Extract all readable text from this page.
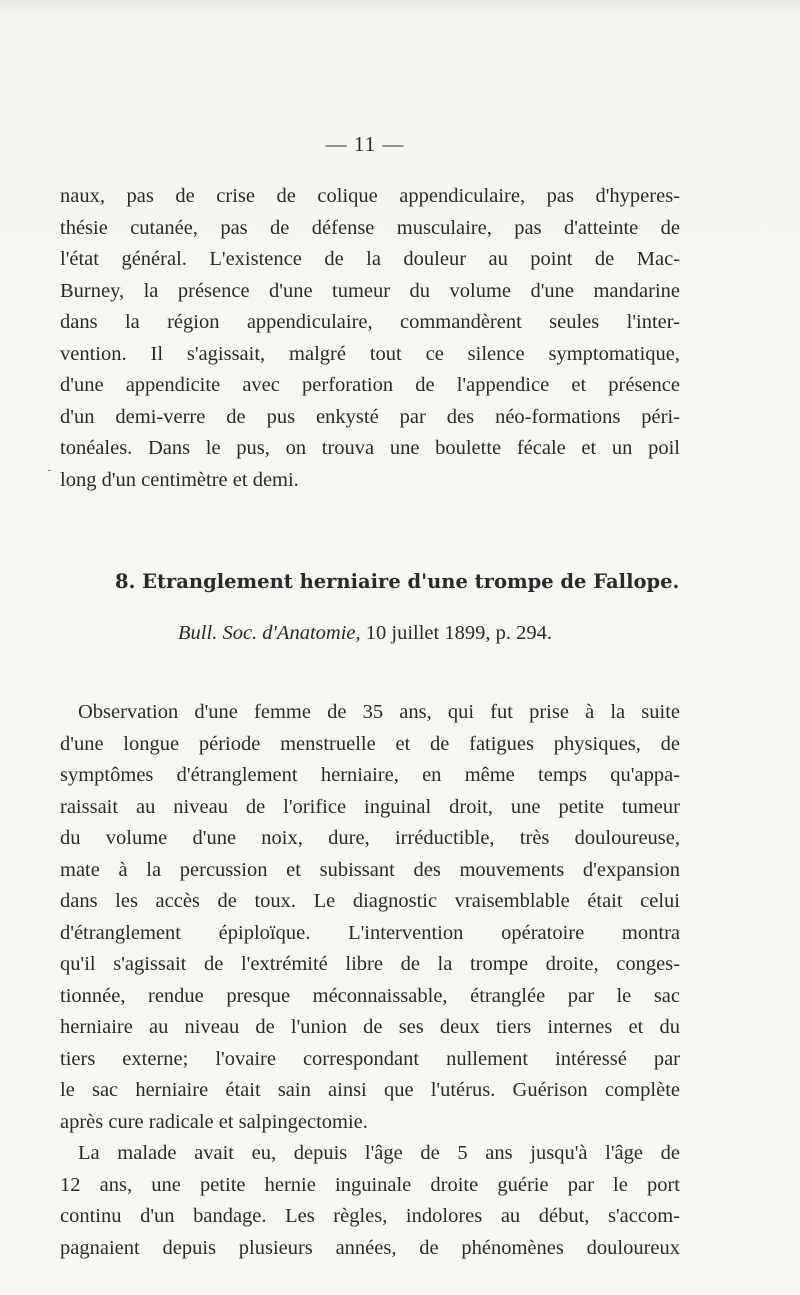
— 11 —
naux, pas de crise de colique appendiculaire, pas d'hyperes-
thésie cutanée, pas de défense musculaire, pas d'atteinte de
l'état général. L'existence de la douleur au point de Mac-
Burney, la présence d'une tumeur du volume d'une mandarine
dans la région appendiculaire, commandèrent seules l'inter-
vention. Il s'agissait, malgré tout ce silence symptomatique,
d'une appendicite avec perforation de l'appendice et présence
d'un demi-verre de pus enkysté par des néo-formations péri-
tonéales. Dans le pus, on trouva une boulette fécale et un poil
long d'un centimètre et demi.
8. Etranglement herniaire d'une trompe de Fallope.
Bull. Soc. d'Anatomie, 10 juillet 1899, p. 294.
Observation d'une femme de 35 ans, qui fut prise à la suite
d'une longue période menstruelle et de fatigues physiques, de
symptômes d'étranglement herniaire, en même temps qu'appa-
raissait au niveau de l'orifice inguinal droit, une petite tumeur
du volume d'une noix, dure, irréductible, très douloureuse,
mate à la percussion et subissant des mouvements d'expansion
dans les accès de toux. Le diagnostic vraisemblable était celui
d'étranglement épiploïque. L'intervention opératoire montra
qu'il s'agissait de l'extrémité libre de la trompe droite, conges-
tionnée, rendue presque méconnaissable, étranglée par le sac
herniaire au niveau de l'union de ses deux tiers internes et du
tiers externe; l'ovaire correspondant nullement intéressé par
le sac herniaire était sain ainsi que l'utérus. Guérison complète
après cure radicale et salpingectomie.
La malade avait eu, depuis l'âge de 5 ans jusqu'à l'âge de
12 ans, une petite hernie inguinale droite guérie par le port
continu d'un bandage. Les règles, indolores au début, s'accom-
pagnaient depuis plusieurs années, de phénomènes douloureux
